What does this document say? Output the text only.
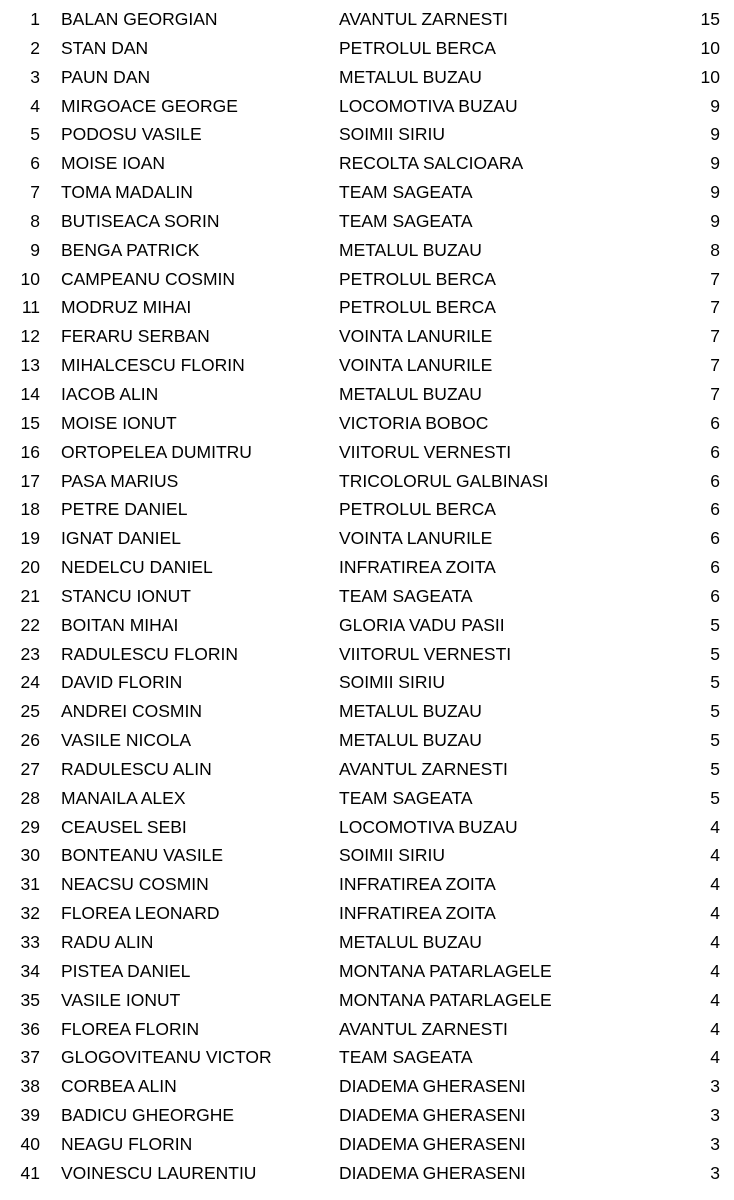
1 BALAN GEORGIAN	AVANTUL ZARNESTI	15
2 STAN DAN	PETROLUL BERCA	10
3 PAUN DAN	METALUL BUZAU	10
4 MIRGOACE GEORGE	LOCOMOTIVA BUZAU	9
5 PODOSU VASILE	SOIMII SIRIU	9
6 MOISE IOAN	RECOLTA SALCIOARA	9
7 TOMA MADALIN	TEAM SAGEATA	9
8 BUTISEACA SORIN	TEAM SAGEATA	9
9 BENGA PATRICK	METALUL BUZAU	8
10 CAMPEANU COSMIN	PETROLUL BERCA	7
11 MODRUZ MIHAI	PETROLUL BERCA	7
12 FERARU SERBAN	VOINTA LANURILE	7
13 MIHALCESCU FLORIN	VOINTA LANURILE	7
14 IACOB ALIN	METALUL BUZAU	7
15 MOISE IONUT	VICTORIA BOBOC	6
16 ORTOPELEA DUMITRU	VIITORUL VERNESTI	6
17 PASA MARIUS	TRICOLORUL GALBINASI	6
18 PETRE DANIEL	PETROLUL BERCA	6
19 IGNAT DANIEL	VOINTA LANURILE	6
20 NEDELCU DANIEL	INFRATIREA ZOITA	6
21 STANCU IONUT	TEAM SAGEATA	6
22 BOITAN MIHAI	GLORIA VADU PASII	5
23 RADULESCU FLORIN	VIITORUL VERNESTI	5
24 DAVID FLORIN	SOIMII SIRIU	5
25 ANDREI COSMIN	METALUL BUZAU	5
26 VASILE NICOLA	METALUL BUZAU	5
27 RADULESCU ALIN	AVANTUL ZARNESTI	5
28 MANAILA ALEX	TEAM SAGEATA	5
29 CEAUSEL SEBI	LOCOMOTIVA BUZAU	4
30 BONTEANU VASILE	SOIMII SIRIU	4
31 NEACSU COSMIN	INFRATIREA ZOITA	4
32 FLOREA LEONARD	INFRATIREA ZOITA	4
33 RADU ALIN	METALUL BUZAU	4
34 PISTEA DANIEL	MONTANA PATARLAGELE	4
35 VASILE IONUT	MONTANA PATARLAGELE	4
36 FLOREA FLORIN	AVANTUL ZARNESTI	4
37 GLOGOVITEANU VICTOR	TEAM SAGEATA	4
38 CORBEA ALIN	DIADEMA GHERASENI	3
39 BADICU GHEORGHE	DIADEMA GHERASENI	3
40 NEAGU FLORIN	DIADEMA GHERASENI	3
41 VOINESCU LAURENTIU	DIADEMA GHERASENI	3
